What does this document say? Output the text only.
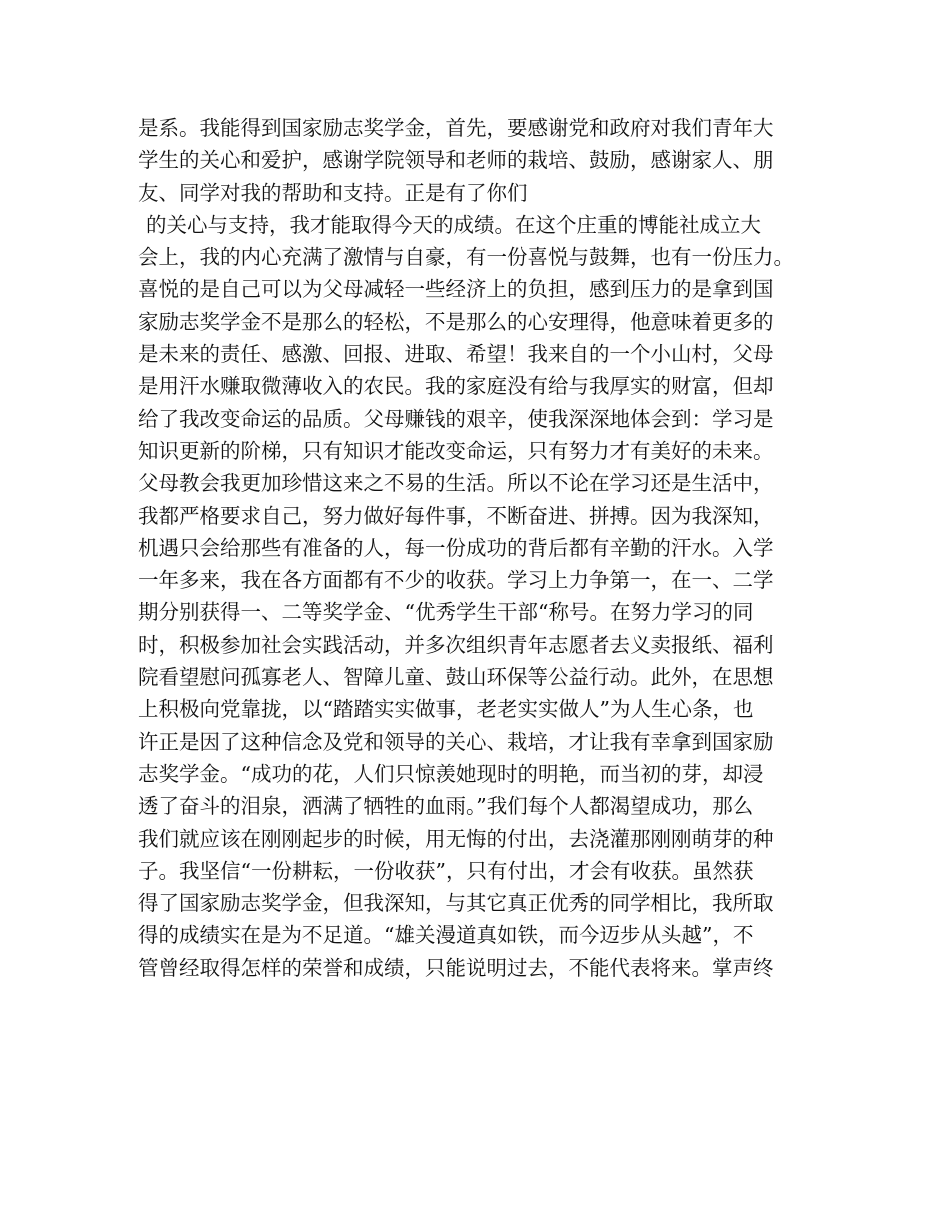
是系。我能得到国家励志奖学金，首先，要感谢党和政府对我们青年大
学生的关心和爱护，感谢学院领导和老师的栽培、鼓励，感谢家人、朋
友、同学对我的帮助和支持。正是有了你们
的关心与支持，我才能取得今天的成绩。在这个庄重的博能社成立大
会上，我的内心充满了激情与自豪，有一份喜悦与鼓舞，也有一份压力。
喜悦的是自己可以为父母减轻一些经济上的负担，感到压力的是拿到国
家励志奖学金不是那么的轻松，不是那么的心安理得，他意味着更多的
是未来的责任、感激、回报、进取、希望！我来自的一个小山村，父母
是用汗水赚取微薄收入的农民。我的家庭没有给与我厚实的财富，但却
给了我改变命运的品质。父母赚钱的艰辛，使我深深地体会到：学习是
知识更新的阶梯，只有知识才能改变命运，只有努力才有美好的未来。
父母教会我更加珍惜这来之不易的生活。所以不论在学习还是生活中，
我都严格要求自己，努力做好每件事，不断奋进、拼搏。因为我深知，
机遇只会给那些有准备的人，每一份成功的背后都有辛勤的汗水。入学
一年多来，我在各方面都有不少的收获。学习上力争第一，在一、二学
期分别获得一、二等奖学金、“优秀学生干部“称号。在努力学习的同
时，积极参加社会实践活动，并多次组织青年志愿者去义卖报纸、福利
院看望慰问孤寡老人、智障儿童、鼓山环保等公益行动。此外，在思想
上积极向党靠拢，以“踏踏实实做事，老老实实做人”为人生心条，也
许正是因了这种信念及党和领导的关心、栽培，才让我有幸拿到国家励
志奖学金。“成功的花，人们只惊羡她现时的明艳，而当初的芽，却浸
透了奋斗的泪泉，洒满了牺牲的血雨。”我们每个人都渴望成功，那么
我们就应该在刚刚起步的时候，用无悔的付出，去浇灌那刚刚萌芽的种
子。我坚信“一份耕耘，一份收获”，只有付出，才会有收获。虽然获
得了国家励志奖学金，但我深知，与其它真正优秀的同学相比，我所取
得的成绩实在是为不足道。“雄关漫道真如铁，而今迈步从头越”，不
管曾经取得怎样的荣誉和成绩，只能说明过去，不能代表将来。掌声终
